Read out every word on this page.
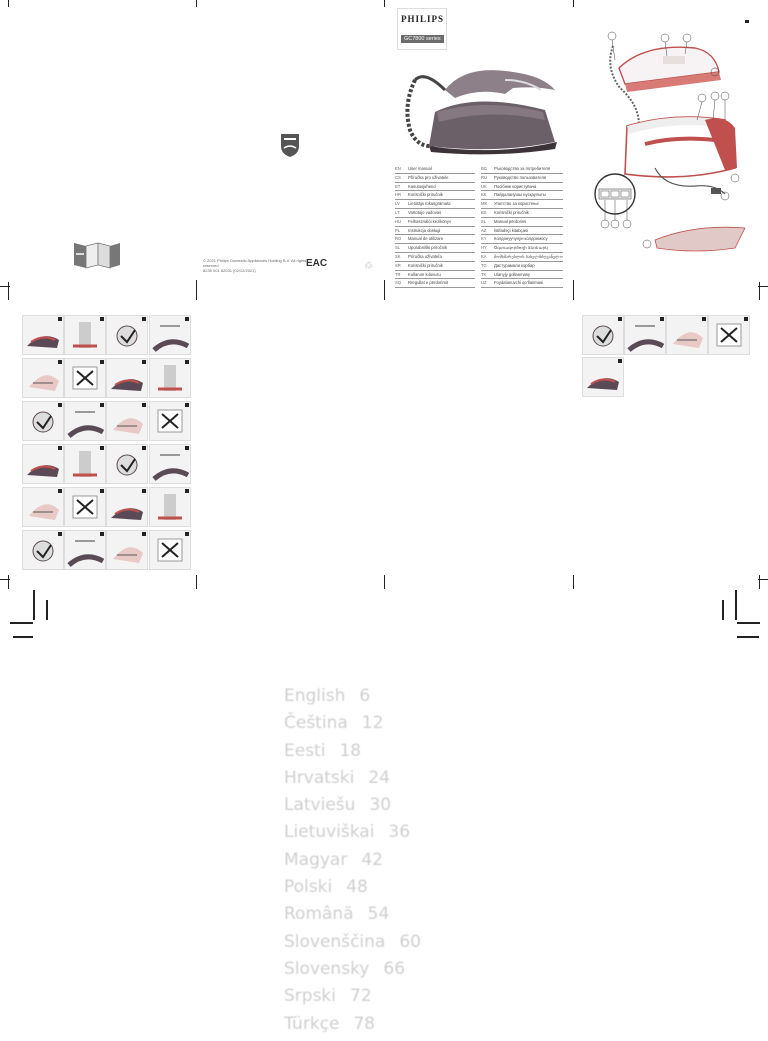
PHILIPS
GC7800 series
EN	User manual
CS	Příručka pro uživatele
ET	Kasutusjuhend
HR	Korisnički priručnik
LV	Lietotāja rokasgrāmata
LT	Vartotojo vadovas
HU	Felhasználói kézikönyv
PL	Instrukcja obsługi
RO	Manual de utilizare
SL	Uporabniški priročnik
SK	Príručka užívateľa
SR	Korisnički priručnik
TR	Kullanım kılavuzu
SQ	Rregullat e përdorimit
BG	Ръководство за потребителя
RU	Руководство пользователя
UK	Посібник користувача
KK	Пайдаланушы нұсқаулығы
MK	Упатство за користење
BS	Korisnički priručnik
SL	Manual përdorimi
AZ	İstifadəçi kitabçası
KY	Колдонуучунун колдонмосу
HY	Օգտագործողի ձեռնարկ
KA	მომხმარებლის სახელმძღვანელო
TG	Дастурамали корбар
TK	Ulanyjy gollanmasy
UZ	Foydalanuvchi qo‘llanmasi
© 2021 Philips Domestic Appliances Holding B.V. All rights reserved
8239 001 82031 (02/12/2021)
EAC	♲
English 6
Čeština 12
Eesti 18
Hrvatski 24
Latviešu 30
Lietuviškai 36
Magyar 42
Polski 48
Română 54
Slovenščina 60
Slovensky 66
Srpski 72
Türkçe 78
